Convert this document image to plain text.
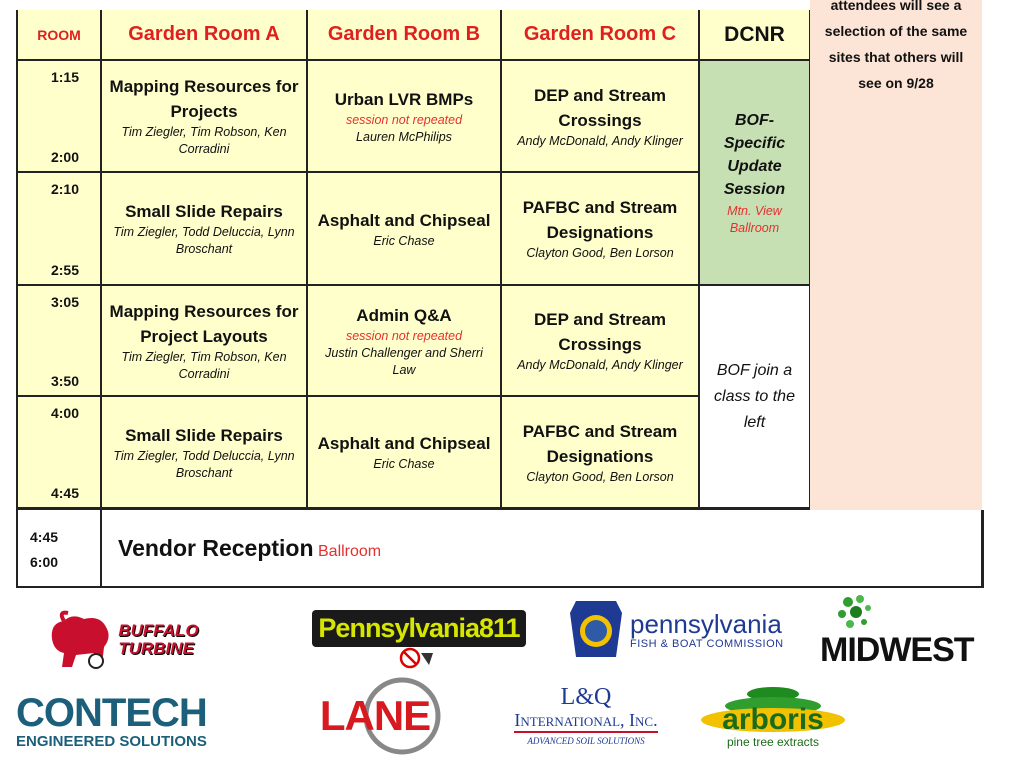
ROOM Garden Room A Garden Room B Garden Room C DCNR
1:15
2:00
Mapping Resources for Projects
Tim Ziegler, Tim Robson, Ken Corradini
Urban LVR BMPs
session not repeated
Lauren McPhilips
DEP and Stream Crossings
Andy McDonald, Andy Klinger
2:10
2:55
Small Slide Repairs
Tim Ziegler, Todd Deluccia, Lynn Broschant
Asphalt and Chipseal
Eric Chase
PAFBC and Stream Designations
Clayton Good, Ben Lorson
BOF-Specific Update Session
Mtn. View Ballroom
3:05
3:50
Mapping Resources for Project Layouts
Tim Ziegler, Tim Robson, Ken Corradini
Admin Q&A
session not repeated
Justin Challenger and Sherri Law
DEP and Stream Crossings
Andy McDonald, Andy Klinger
4:00
4:45
Small Slide Repairs
Tim Ziegler, Todd Deluccia, Lynn Broschant
Asphalt and Chipseal
Eric Chase
PAFBC and Stream Designations
Clayton Good, Ben Lorson
BOF join a class to the left
attendees will see a selection of the same sites that others will see on 9/28
4:45
6:00
Vendor Reception Ballroom
BUFFALO
TURBINE
Pennsylvania811	pennsylvania
FISH & BOAT COMMISSION MIDWEST
CONTECH
ENGINEERED SOLUTIONS
LANE	L&Q
International, Inc.
ADVANCED SOIL SOLUTIONS
arboris
pine tree extracts
